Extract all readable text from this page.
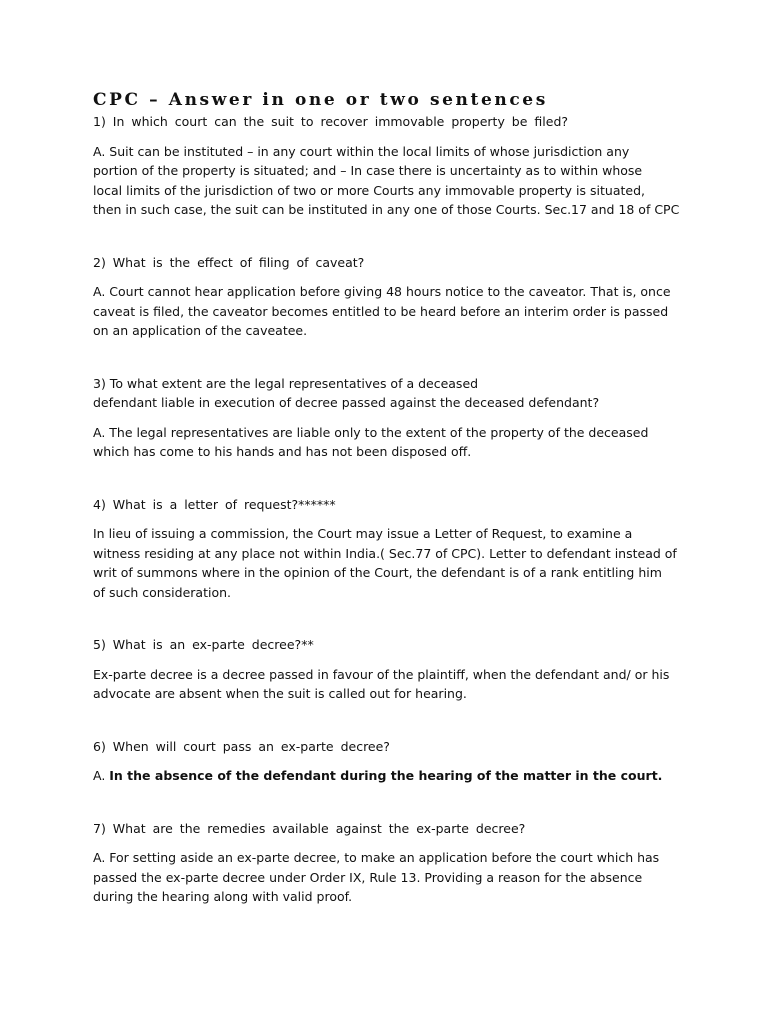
CPC – Answer in one or two sentences

1) In which court can the suit to recover immovable property be filed?

A. Suit can be instituted – in any court within the local limits of whose jurisdiction any
portion of the property is situated; and – In case there is uncertainty as to within whose
local limits of the jurisdiction of two or more Courts any immovable property is situated,
then in such case, the suit can be instituted in any one of those Courts. Sec.17 and 18 of CPC

2) What is the effect of filing of caveat?

A. Court cannot hear application before giving 48 hours notice to the caveator. That is, once
caveat is filed, the caveator becomes entitled to be heard before an interim order is passed
on an application of the caveatee.

3) To what extent are the legal representatives of a deceased
defendant liable in execution of decree passed against the deceased defendant?

A. The legal representatives are liable only to the extent of the property of the deceased
which has come to his hands and has not been disposed off.

4) What is a letter of request?******

In lieu of issuing a commission, the Court may issue a Letter of Request, to examine a
witness residing at any place not within India.( Sec.77 of CPC). Letter to defendant instead of
writ of summons where in the opinion of the Court, the defendant is of a rank entitling him
of such consideration.

5) What is an ex-parte decree?**

Ex-parte decree is a decree passed in favour of the plaintiff, when the defendant and/ or his
advocate are absent when the suit is called out for hearing.

6) When will court pass an ex-parte decree?

A. In the absence of the defendant during the hearing of the matter in the court.

7) What are the remedies available against the ex-parte decree?

A. For setting aside an ex-parte decree, to make an application before the court which has
passed the ex-parte decree under Order IX, Rule 13. Providing a reason for the absence
during the hearing along with valid proof.
